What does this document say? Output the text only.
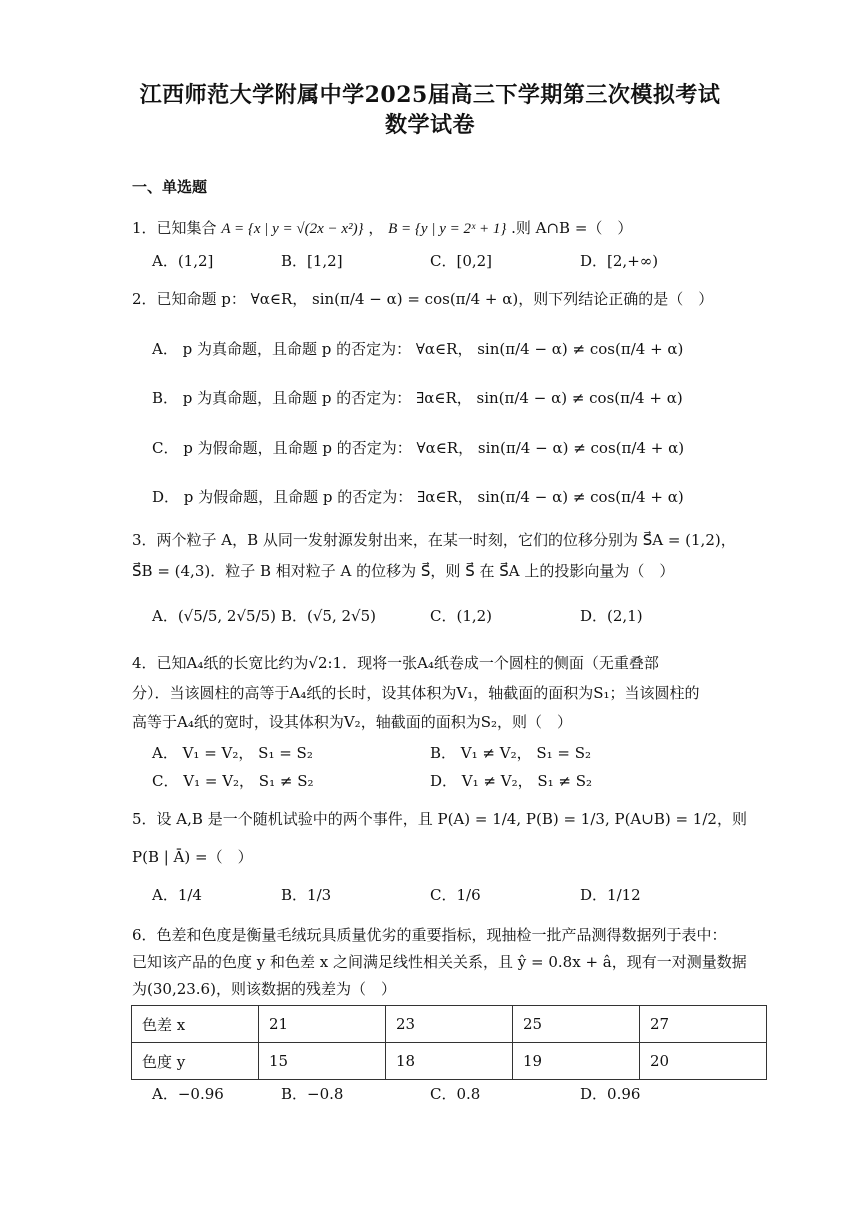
江西师范大学附属中学2025届高三下学期第三次模拟考试
数学试卷
一、单选题
1．已知集合 A = {x | y = √(2x − x²)} ， B = {y | y = 2ˣ + 1} .则 A∩B =（　）
A．(1,2]	B．[1,2]	C．[0,2]	D．[2,+∞)
2．已知命题 p： ∀α∈R， sin(π/4 − α) = cos(π/4 + α)，则下列结论正确的是（　）
A． p 为真命题，且命题 p 的否定为： ∀α∈R， sin(π/4 − α) ≠ cos(π/4 + α)
B． p 为真命题，且命题 p 的否定为： ∃α∈R， sin(π/4 − α) ≠ cos(π/4 + α)
C． p 为假命题，且命题 p 的否定为： ∀α∈R， sin(π/4 − α) ≠ cos(π/4 + α)
D． p 为假命题，且命题 p 的否定为： ∃α∈R， sin(π/4 − α) ≠ cos(π/4 + α)
3．两个粒子 A，B 从同一发射源发射出来，在某一时刻，它们的位移分别为 S⃗A = (1,2)，
S⃗B = (4,3)．粒子 B 相对粒子 A 的位移为 S⃗，则 S⃗ 在 S⃗A 上的投影向量为（　）
A．(√5/5, 2√5/5) B．(√5, 2√5)	C．(1,2)	D．(2,1)
4．已知A₄纸的长宽比约为√2:1．现将一张A₄纸卷成一个圆柱的侧面（无重叠部
分）．当该圆柱的高等于A₄纸的长时，设其体积为V₁，轴截面的面积为S₁；当该圆柱的
高等于A₄纸的宽时，设其体积为V₂，轴截面的面积为S₂，则（　）
A． V₁ = V₂， S₁ = S₂	B． V₁ ≠ V₂， S₁ = S₂
C． V₁ = V₂， S₁ ≠ S₂	D． V₁ ≠ V₂， S₁ ≠ S₂
5．设 A,B 是一个随机试验中的两个事件，且 P(A) = 1/4, P(B) = 1/3, P(A∪B) = 1/2，则
P(B | Ā) =（　）
A．1/4	B．1/3	C．1/6	D．1/12
6．色差和色度是衡量毛绒玩具质量优劣的重要指标，现抽检一批产品测得数据列于表中：
已知该产品的色度 y 和色差 x 之间满足线性相关关系，且 ŷ = 0.8x + â，现有一对测量数据
为(30,23.6)，则该数据的残差为（　）
色差 x	21	23	25	27
色度 y	15	18	19	20
A．−0.96	B．−0.8	C．0.8	D．0.96
